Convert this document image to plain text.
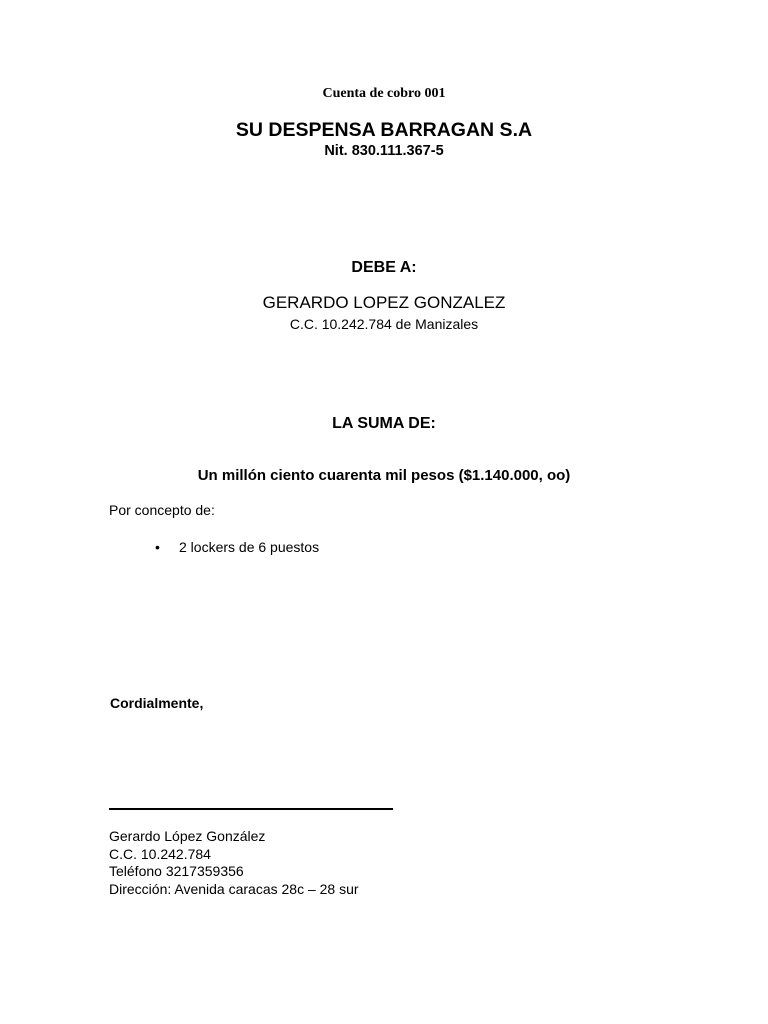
Cuenta de cobro 001
SU DESPENSA BARRAGAN S.A
Nit. 830.111.367-5
DEBE A:
GERARDO LOPEZ GONZALEZ
C.C. 10.242.784 de Manizales
LA SUMA DE:
Un millón ciento cuarenta mil pesos ($1.140.000, oo)
Por concepto de:
• 2 lockers de 6 puestos
Cordialmente,
Gerardo López González
C.C. 10.242.784
Teléfono 3217359356
Dirección: Avenida caracas 28c – 28 sur
